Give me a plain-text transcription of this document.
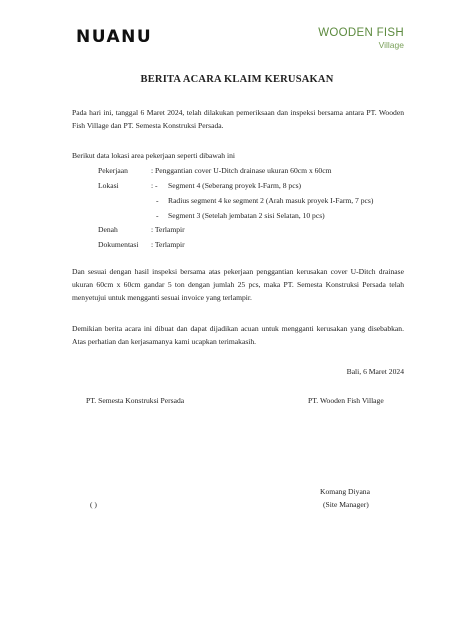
NUANU	WOODEN FISH
Village
BERITA ACARA KLAIM KERUSAKAN
Pada hari ini, tanggal 6 Maret 2024, telah dilakukan pemeriksaan dan inspeksi bersama antara PT. Wooden Fish Village dan PT. Semesta Konstruksi Persada.
Berikut data lokasi area pekerjaan seperti dibawah ini
Pekerjaan	: Penggantian cover U-Ditch drainase ukuran 60cm x 60cm
Lokasi	: - Segment 4 (Seberang proyek I-Farm, 8 pcs)
- Radius segment 4 ke segment 2 (Arah masuk proyek I-Farm, 7 pcs)
- Segment 3 (Setelah jembatan 2 sisi Selatan, 10 pcs)
Denah	: Terlampir
Dokumentasi : Terlampir
Dan sesuai dengan hasil inspeksi bersama atas pekerjaan penggantian kerusakan cover U-Ditch drainase ukuran 60cm x 60cm gandar 5 ton dengan jumlah 25 pcs, maka PT. Semesta Konstruksi Persada telah menyetujui untuk mengganti sesuai invoice yang terlampir.
Demikian berita acara ini dibuat dan dapat dijadikan acuan untuk mengganti kerusakan yang disebabkan. Atas perhatian dan kerjasamanya kami ucapkan terimakasih.
Bali, 6 Maret 2024
PT. Semesta Konstruksi Persada	PT. Wooden Fish Village
( )
Komang Diyana
(Site Manager)
